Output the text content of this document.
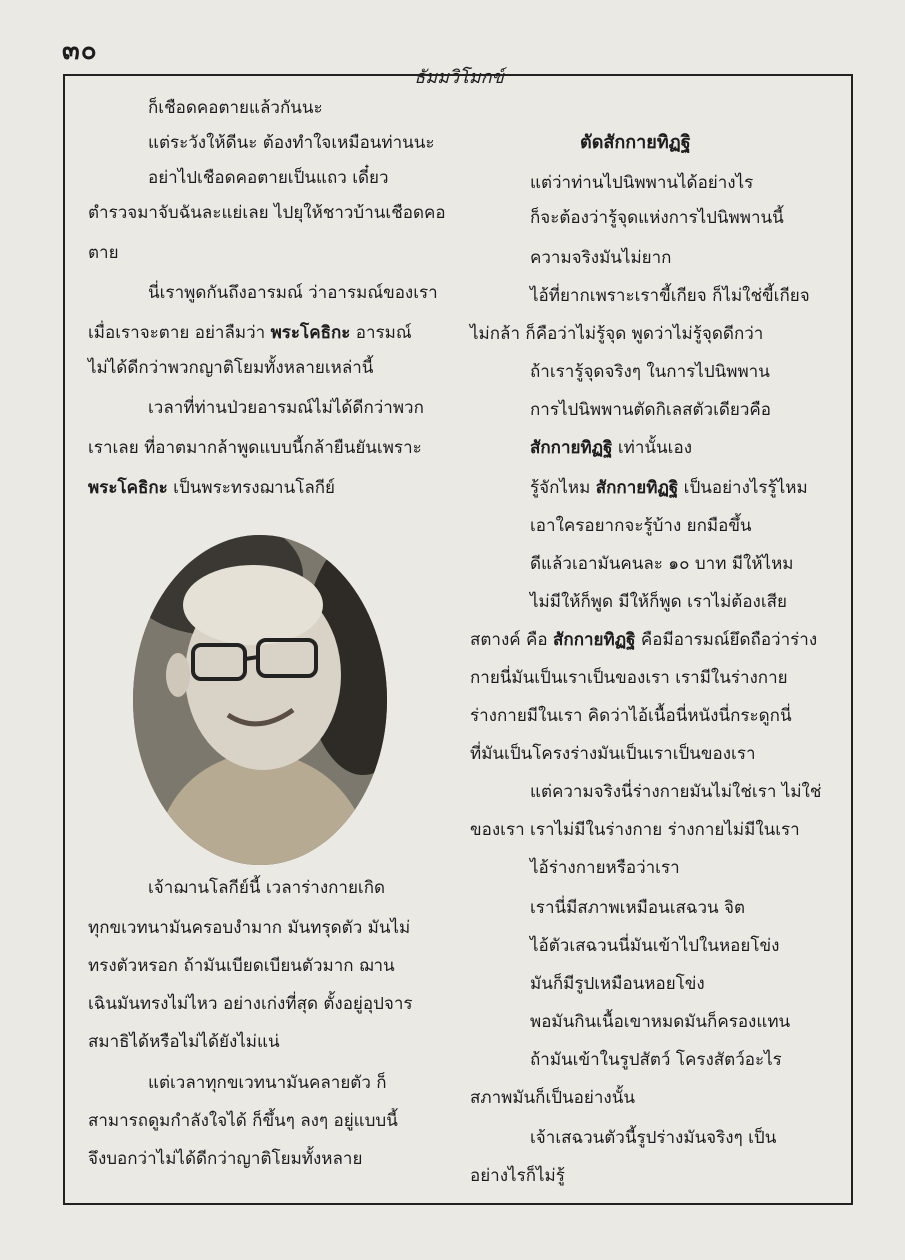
๓๐
ธัมมวิโมกข์
ก็เชือดคอตายแล้วกันนะ
แต่ระวังให้ดีนะ ต้องทำใจเหมือนท่านนะ
อย่าไปเชือดคอตายเป็นแถว เดี๋ยว
ตำรวจมาจับฉันละแย่เลย ไปยุให้ชาวบ้านเชือดคอ
ตาย
นี่เราพูดกันถึงอารมณ์ ว่าอารมณ์ของเรา
เมื่อเราจะตาย อย่าลืมว่า พระโคธิกะ อารมณ์
ไม่ได้ดีกว่าพวกญาติโยมทั้งหลายเหล่านี้
เวลาที่ท่านป่วยอารมณ์ไม่ได้ดีกว่าพวก
เราเลย ที่อาตมากล้าพูดแบบนี้กล้ายืนยันเพราะ
พระโคธิกะ เป็นพระทรงฌานโลกีย์
เจ้าฌานโลกีย์นี้ เวลาร่างกายเกิด
ทุกขเวทนามันครอบงำมาก มันทรุดตัว มันไม่
ทรงตัวหรอก ถ้ามันเบียดเบียนตัวมาก ฌาน
เฉินมันทรงไม่ไหว อย่างเก่งที่สุด ตั้งอยู่อุปจาร
สมาธิได้หรือไม่ได้ยังไม่แน่
แต่เวลาทุกขเวทนามันคลายตัว ก็
สามารถดูมกำลังใจได้ ก็ขึ้นๆ ลงๆ อยู่แบบนี้
จึงบอกว่าไม่ได้ดีกว่าญาติโยมทั้งหลาย
ตัดสักกายทิฏฐิ
แต่ว่าท่านไปนิพพานได้อย่างไร
ก็จะต้องว่ารู้จุดแห่งการไปนิพพานนี้
ความจริงมันไม่ยาก
ไอ้ที่ยากเพราะเราขี้เกียจ ก็ไม่ใช่ขี้เกียจ
ไม่กล้า ก็คือว่าไม่รู้จุด พูดว่าไม่รู้จุดดีกว่า
ถ้าเรารู้จุดจริงๆ ในการไปนิพพาน
การไปนิพพานตัดกิเลสตัวเดียวคือ
สักกายทิฏฐิ เท่านั้นเอง
รู้จักไหม สักกายทิฏฐิ เป็นอย่างไรรู้ไหม
เอาใครอยากจะรู้บ้าง ยกมือขึ้น
ดีแล้วเอามันคนละ ๑๐ บาท มีให้ไหม
ไม่มีให้ก็พูด มีให้ก็พูด เราไม่ต้องเสีย
สตางค์ คือ สักกายทิฏฐิ คือมีอารมณ์ยึดถือว่าร่าง
กายนี่มันเป็นเราเป็นของเรา เรามีในร่างกาย
ร่างกายมีในเรา คิดว่าไอ้เนื้อนี่หนังนี่กระดูกนี่
ที่มันเป็นโครงร่างมันเป็นเราเป็นของเรา
แต่ความจริงนี่ร่างกายมันไม่ใช่เรา ไม่ใช่
ของเรา เราไม่มีในร่างกาย ร่างกายไม่มีในเรา
ไอ้ร่างกายหรือว่าเรา
เรานี่มีสภาพเหมือนเสฉวน จิต
ไอ้ตัวเสฉวนนี่มันเข้าไปในหอยโข่ง
มันก็มีรูปเหมือนหอยโข่ง
พอมันกินเนื้อเขาหมดมันก็ครองแทน
ถ้ามันเข้าในรูปสัตว์ โครงสัตว์อะไร
สภาพมันก็เป็นอย่างนั้น
เจ้าเสฉวนตัวนี้รูปร่างมันจริงๆ เป็น
อย่างไรก็ไม่รู้
